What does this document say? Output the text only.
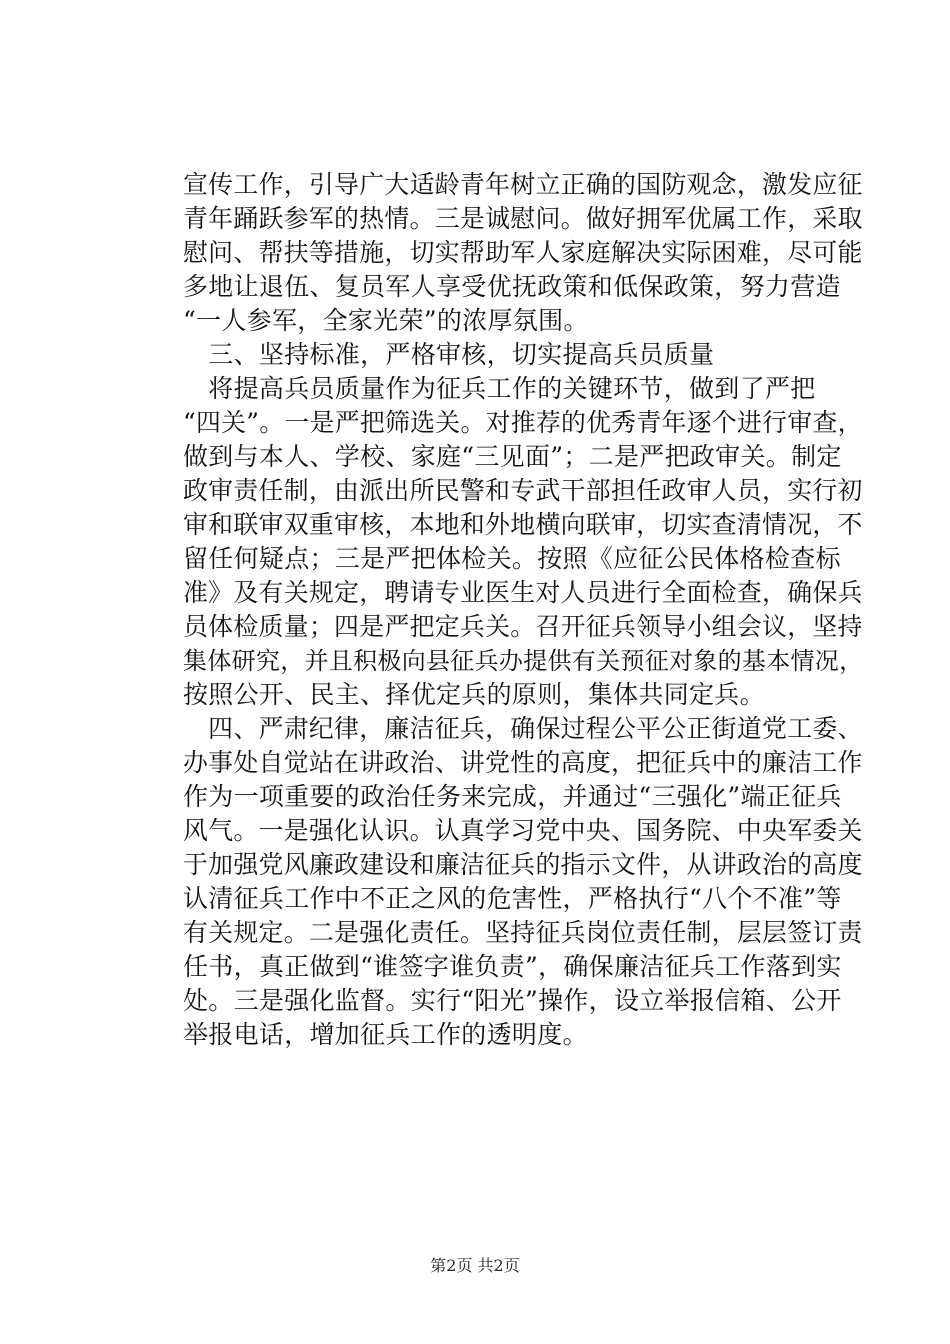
宣传工作，引导广大适龄青年树立正确的国防观念，激发应征
青年踊跃参军的热情。三是诚慰问。做好拥军优属工作，采取
慰问、帮扶等措施，切实帮助军人家庭解决实际困难，尽可能
多地让退伍、复员军人享受优抚政策和低保政策，努力营造
“一人参军，全家光荣”的浓厚氛围。
　三、坚持标准，严格审核，切实提高兵员质量
　将提高兵员质量作为征兵工作的关键环节，做到了严把
“四关”。一是严把筛选关。对推荐的优秀青年逐个进行审查，
做到与本人、学校、家庭“三见面”；二是严把政审关。制定
政审责任制，由派出所民警和专武干部担任政审人员，实行初
审和联审双重审核，本地和外地横向联审，切实查清情况，不
留任何疑点；三是严把体检关。按照《应征公民体格检查标
准》及有关规定，聘请专业医生对人员进行全面检查，确保兵
员体检质量；四是严把定兵关。召开征兵领导小组会议，坚持
集体研究，并且积极向县征兵办提供有关预征对象的基本情况，
按照公开、民主、择优定兵的原则，集体共同定兵。
　四、严肃纪律，廉洁征兵，确保过程公平公正街道党工委、
办事处自觉站在讲政治、讲党性的高度，把征兵中的廉洁工作
作为一项重要的政治任务来完成，并通过“三强化”端正征兵
风气。一是强化认识。认真学习党中央、国务院、中央军委关
于加强党风廉政建设和廉洁征兵的指示文件，从讲政治的高度
认清征兵工作中不正之风的危害性，严格执行“八个不准”等
有关规定。二是强化责任。坚持征兵岗位责任制，层层签订责
任书，真正做到“谁签字谁负责”，确保廉洁征兵工作落到实
处。三是强化监督。实行“阳光”操作，设立举报信箱、公开
举报电话，增加征兵工作的透明度。
第2页 共2页
